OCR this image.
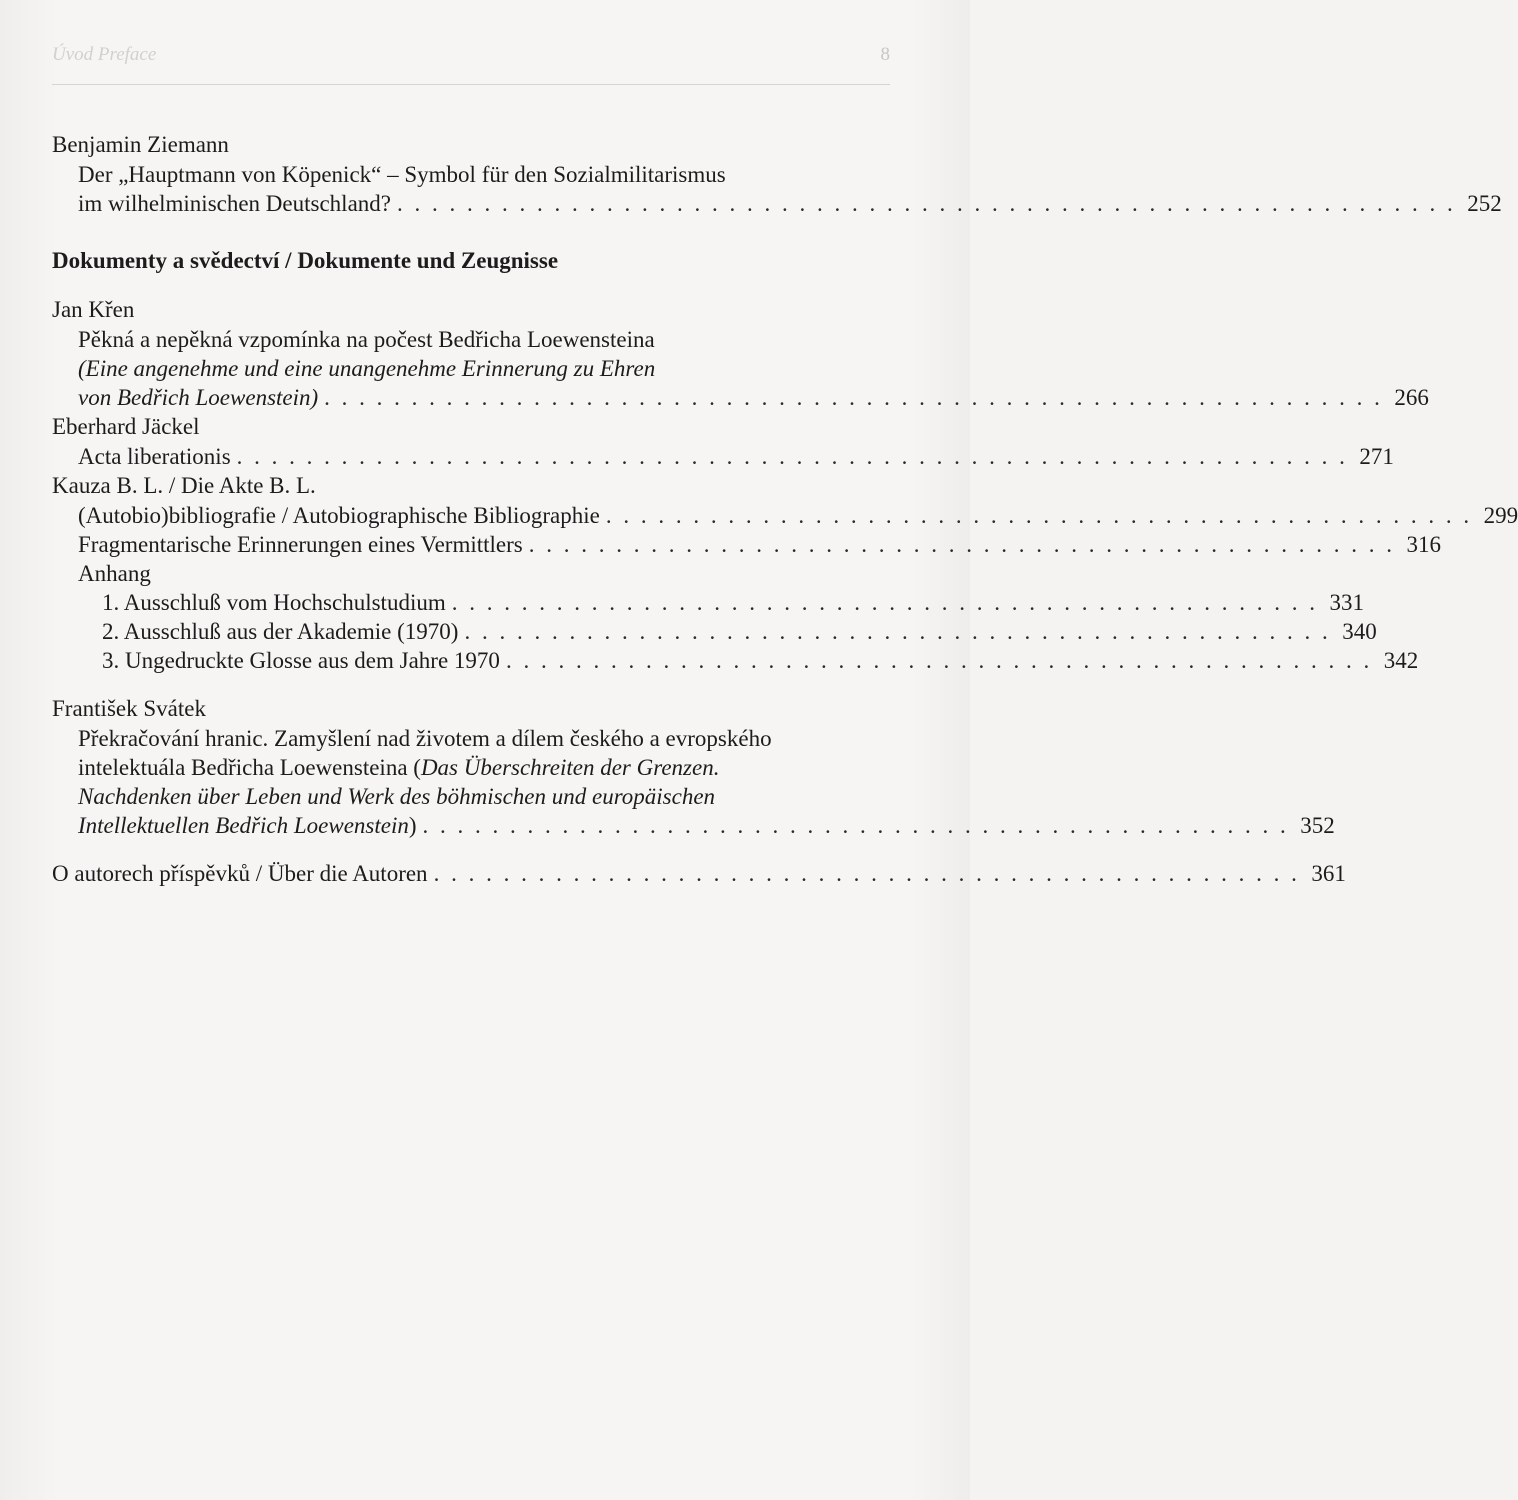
Úvod Preface	8
Benjamin Ziemann
Der „Hauptmann von Köpenick“ – Symbol für den Sozialmilitarismus
im wilhelminischen Deutschland? . . . . . . . . . . . . . . . . . . . . . . . . . . . . . . . . . . . . . . . . . . . . . . . . . . . . . . . . . . . . . 252
Dokumenty a svědectví / Dokumente und Zeugnisse
Jan Křen
Pěkná a nepěkná vzpomínka na počest Bedřicha Loewensteina
(Eine angenehme und eine unangenehme Erinnerung zu Ehren
von Bedřich Loewenstein) . . . . . . . . . . . . . . . . . . . . . . . . . . . . . . . . . . . . . . . . . . . . . . . . . . . . . . . . . . . . . 266
Eberhard Jäckel
Acta liberationis . . . . . . . . . . . . . . . . . . . . . . . . . . . . . . . . . . . . . . . . . . . . . . . . . . . . . . . . . . . . . . . . 271
Kauza B. L. / Die Akte B. L.
(Autobio)bibliografie / Autobiographische Bibliographie . . . . . . . . . . . . . . . . . . . . . . . . . . . . . . . . . . . . . . . . . . . . . . . . . . 299
Fragmentarische Erinnerungen eines Vermittlers . . . . . . . . . . . . . . . . . . . . . . . . . . . . . . . . . . . . . . . . . . . . . . . . . . 316
Anhang
1. Ausschluß vom Hochschulstudium . . . . . . . . . . . . . . . . . . . . . . . . . . . . . . . . . . . . . . . . . . . . . . . . . . 331
2. Ausschluß aus der Akademie (1970) . . . . . . . . . . . . . . . . . . . . . . . . . . . . . . . . . . . . . . . . . . . . . . . . . . 340
3. Ungedruckte Glosse aus dem Jahre 1970 . . . . . . . . . . . . . . . . . . . . . . . . . . . . . . . . . . . . . . . . . . . . . . . . . . 342
František Svátek
Překračování hranic. Zamyšlení nad životem a dílem českého a evropského
intelektuála Bedřicha Loewensteina (Das Überschreiten der Grenzen.
Nachdenken über Leben und Werk des böhmischen und europäischen
Intellektuellen Bedřich Loewenstein) . . . . . . . . . . . . . . . . . . . . . . . . . . . . . . . . . . . . . . . . . . . . . . . . . . 352
O autorech příspěvků / Über die Autoren . . . . . . . . . . . . . . . . . . . . . . . . . . . . . . . . . . . . . . . . . . . . . . . . . . 361
